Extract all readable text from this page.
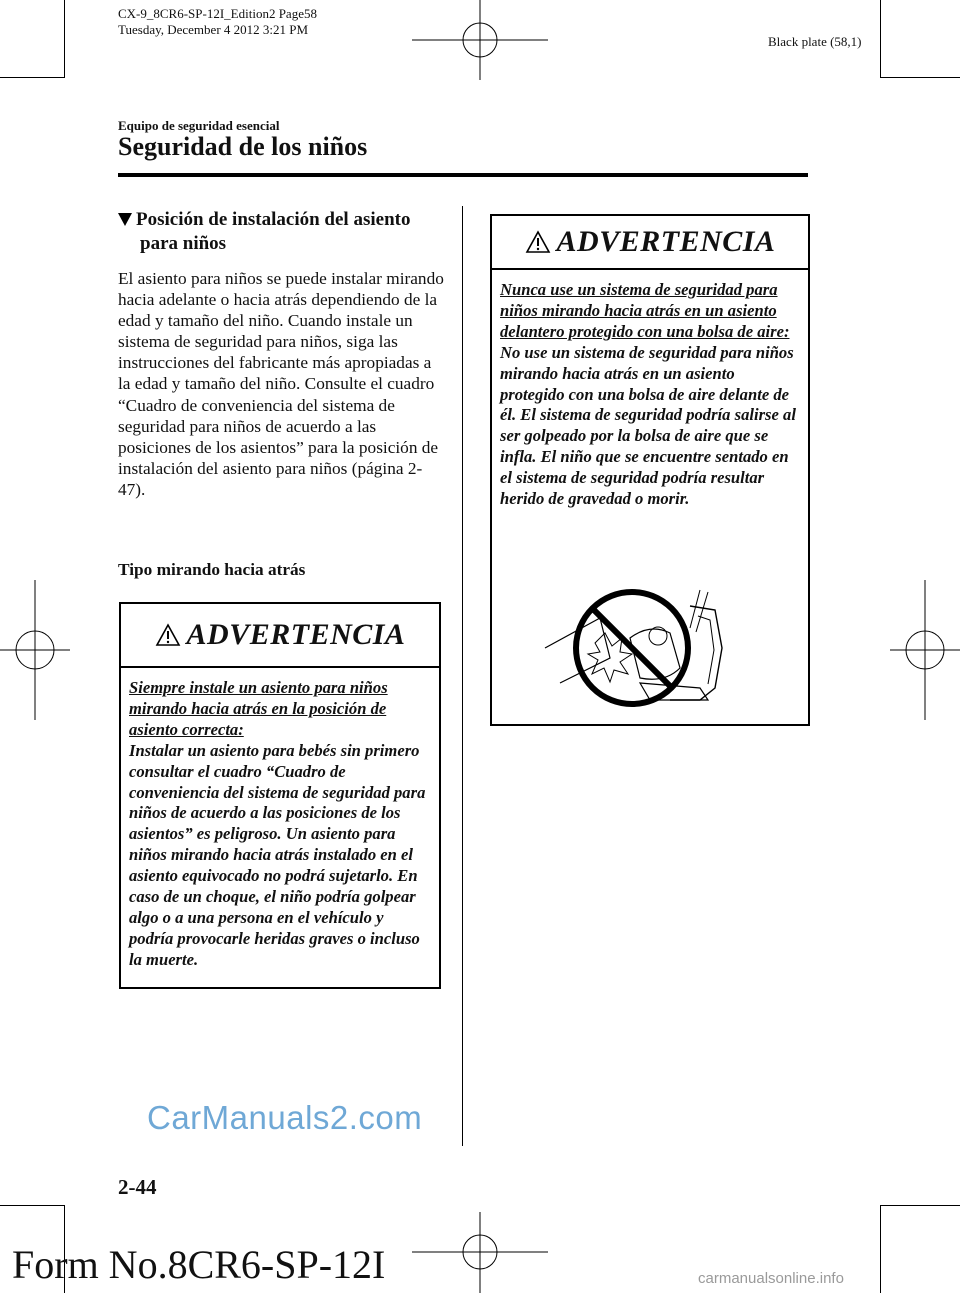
CX-9_8CR6-SP-12I_Edition2 Page58
Tuesday, December 4 2012 3:21 PM
Black plate (58,1)
Equipo de seguridad esencial
Seguridad de los niños
Posición de instalación del asiento
para niños
El asiento para niños se puede instalar mirando hacia adelante o hacia atrás dependiendo de la edad y tamaño del niño. Cuando instale un sistema de seguridad para niños, siga las instrucciones del fabricante más apropiadas a la edad y tamaño del niño. Consulte el cuadro “Cuadro de conveniencia del sistema de seguridad para niños de acuerdo a las posiciones de los asientos” para la posición de instalación del asiento para niños (página 2-47).
Tipo mirando hacia atrás
ADVERTENCIA
Siempre instale un asiento para niños mirando hacia atrás en la posición de asiento correcta:
Instalar un asiento para bebés sin primero consultar el cuadro “Cuadro de conveniencia del sistema de seguridad para niños de acuerdo a las posiciones de los asientos” es peligroso. Un asiento para niños mirando hacia atrás instalado en el asiento equivocado no podrá sujetarlo. En caso de un choque, el niño podría golpear algo o a una persona en el vehículo y podría provocarle heridas graves o incluso la muerte.
ADVERTENCIA
Nunca use un sistema de seguridad para niños mirando hacia atrás en un asiento delantero protegido con una bolsa de aire:
No use un sistema de seguridad para niños mirando hacia atrás en un asiento protegido con una bolsa de aire delante de él. El sistema de seguridad podría salirse al ser golpeado por la bolsa de aire que se infla. El niño que se encuentre sentado en el sistema de seguridad podría resultar herido de gravedad o morir.
2-44
CarManuals2.com
Form No.8CR6-SP-12I	carmanualsonline.info
